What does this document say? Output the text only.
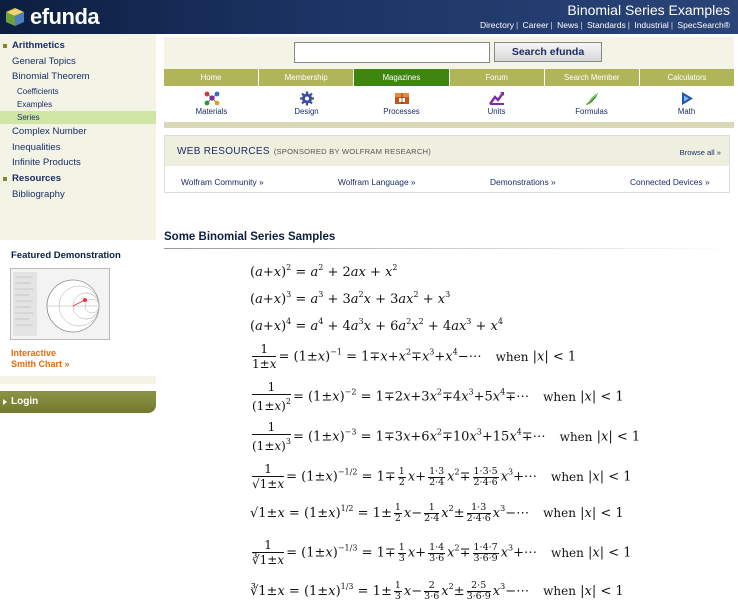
efunda	Binomial Series Examples
Directory | Career | News | Standards | Industrial | SpecSearch®
Arithmetics
General Topics
Binomial Theorem
Coefficients
Examples
Series
Complex Number
Inequalities
Infinite Products
Resources
Bibliography
Featured Demonstration
Interactive
Smith Chart »
Login
Search efunda
Home	Membership	Magazines	Forum	Search Member	Calculators
Materials	Design	Processes	Units	Formulas	Math
WEB RESOURCES (SPONSORED BY WOLFRAM RESEARCH)	Browse all »
Wolfram Community »	Wolfram Language »	Demonstrations »	Connected Devices »
Some Binomial Series Samples
$(a+x)^2 = a^2 + 2ax + x^2$
$(a+x)^3 = a^3 + 3a^2x + 3ax^2 + x^3$
$(a+x)^4 = a^4 + 4a^3x + 6a^2x^2 + 4ax^3 + x^4$
$\frac{1}{1\pm x} = (1\pm x)^{-1}$ = $1\mp x+x^2\mp x^3+x^4-\cdots$ when |x| < 1
$\frac{1}{(1\pm x)^2} = (1\pm x)^{-2}$ = $1\mp 2x+3x^2\mp 4x^3+5x^4\mp\cdots$ when |x| < 1
$\frac{1}{(1\pm x)^3} = (1\pm x)^{-3}$ = $1\mp 3x+6x^2\mp 10x^3+15x^4\mp\cdots$ when |x| < 1
$\frac{1}{√1\pm x} = (1\pm x)^{-1/2} = 1\mp \frac{1}{2} x+ \frac{1\cdot 3}{2\cdot 4} x^2\mp \frac{1\cdot 3\cdot 5}{2\cdot 4\cdot 6}$ $x^3+\cdots$ when |x| < 1
$√1\pm x = (1\pm x)^{1/2} = 1\pm \frac{1}{2} x- \frac{1}{2\cdot 4} x^2\pm \frac{1\cdot 3}{2\cdot 4\cdot 6}$ $x^3-\cdots$ when |x| < 1
$\frac{1}{∛1\pm x} = (1\pm x)^{-1/3} = 1\mp \frac{1}{3} x+ \frac{1\cdot 4}{3\cdot 6} x^2\mp \frac{1\cdot 4\cdot 7}{3\cdot 6\cdot 9}$ $x^3+\cdots$ when |x| < 1
∛1±x = $(1\pm x)^{1/3} = 1\pm \frac{1}{3} x- \frac{2}{3\cdot 6} x^2\pm \frac{2\cdot 5}{3\cdot 6\cdot 9}$ $x^3-\cdots$ when |x| < 1
